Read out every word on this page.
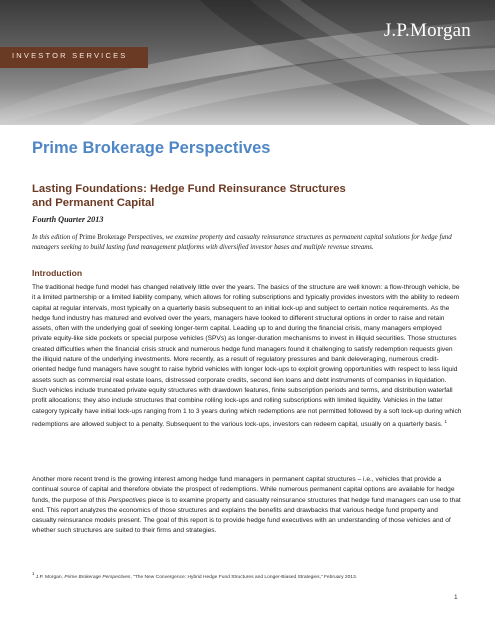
J.P.Morgan
INVESTOR SERVICES
Prime Brokerage Perspectives
Lasting Foundations: Hedge Fund Reinsurance Structures
and Permanent Capital
Fourth Quarter 2013

In this edition of Prime Brokerage Perspectives, we examine property and casualty reinsurance structures as permanent capital solutions for hedge fund managers seeking to build lasting fund management platforms with diversified investor bases and multiple revenue streams.

Introduction

The traditional hedge fund model has changed relatively little over the years. The basics of the structure are well known: a flow-through vehicle, be it a limited partnership or a limited liability company, which allows for rolling subscriptions and typically provides investors with the ability to redeem capital at regular intervals, most typically on a quarterly basis subsequent to an initial lock-up and subject to certain notice requirements. As the hedge fund industry has matured and evolved over the years, managers have looked to different structural options in order to raise and retain assets, often with the underlying goal of seeking longer-term capital. Leading up to and during the financial crisis, many managers employed private equity-like side pockets or special purpose vehicles (SPVs) as longer-duration mechanisms to invest in illiquid securities. Those structures created difficulties when the financial crisis struck and numerous hedge fund managers found it challenging to satisfy redemption requests given the illiquid nature of the underlying investments. More recently, as a result of regulatory pressures and bank deleveraging, numerous credit-oriented hedge fund managers have sought to raise hybrid vehicles with longer lock-ups to exploit growing opportunities with respect to less liquid assets such as commercial real estate loans, distressed corporate credits, second lien loans and debt instruments of companies in liquidation. Such vehicles include truncated private equity structures with drawdown features, finite subscription periods and terms, and distribution waterfall profit allocations; they also include structures that combine rolling lock-ups and rolling subscriptions with limited liquidity. Vehicles in the latter category typically have initial lock-ups ranging from 1 to 3 years during which redemptions are not permitted followed by a soft lock-up during which redemptions are allowed subject to a penalty. Subsequent to the various lock-ups, investors can redeem capital, usually on a quarterly basis. $^1$

Another more recent trend is the growing interest among hedge fund managers in permanent capital structures – i.e., vehicles that provide a continual source of capital and therefore obviate the prospect of redemptions. While numerous permanent capital options are available for hedge funds, the purpose of this Perspectives piece is to examine property and casualty reinsurance structures that hedge fund managers can use to that end. This report analyzes the economics of those structures and explains the benefits and drawbacks that various hedge fund property and casualty reinsurance models present. The goal of this report is to provide hedge fund executives with an understanding of those vehicles and of whether such structures are suited to their firms and strategies.

$^1$ J.P. Morgan, Prime Brokerage Perspectives, “The New Convergence: Hybrid Hedge Fund Structures and Longer-Biased Strategies,” February 2013.
1
